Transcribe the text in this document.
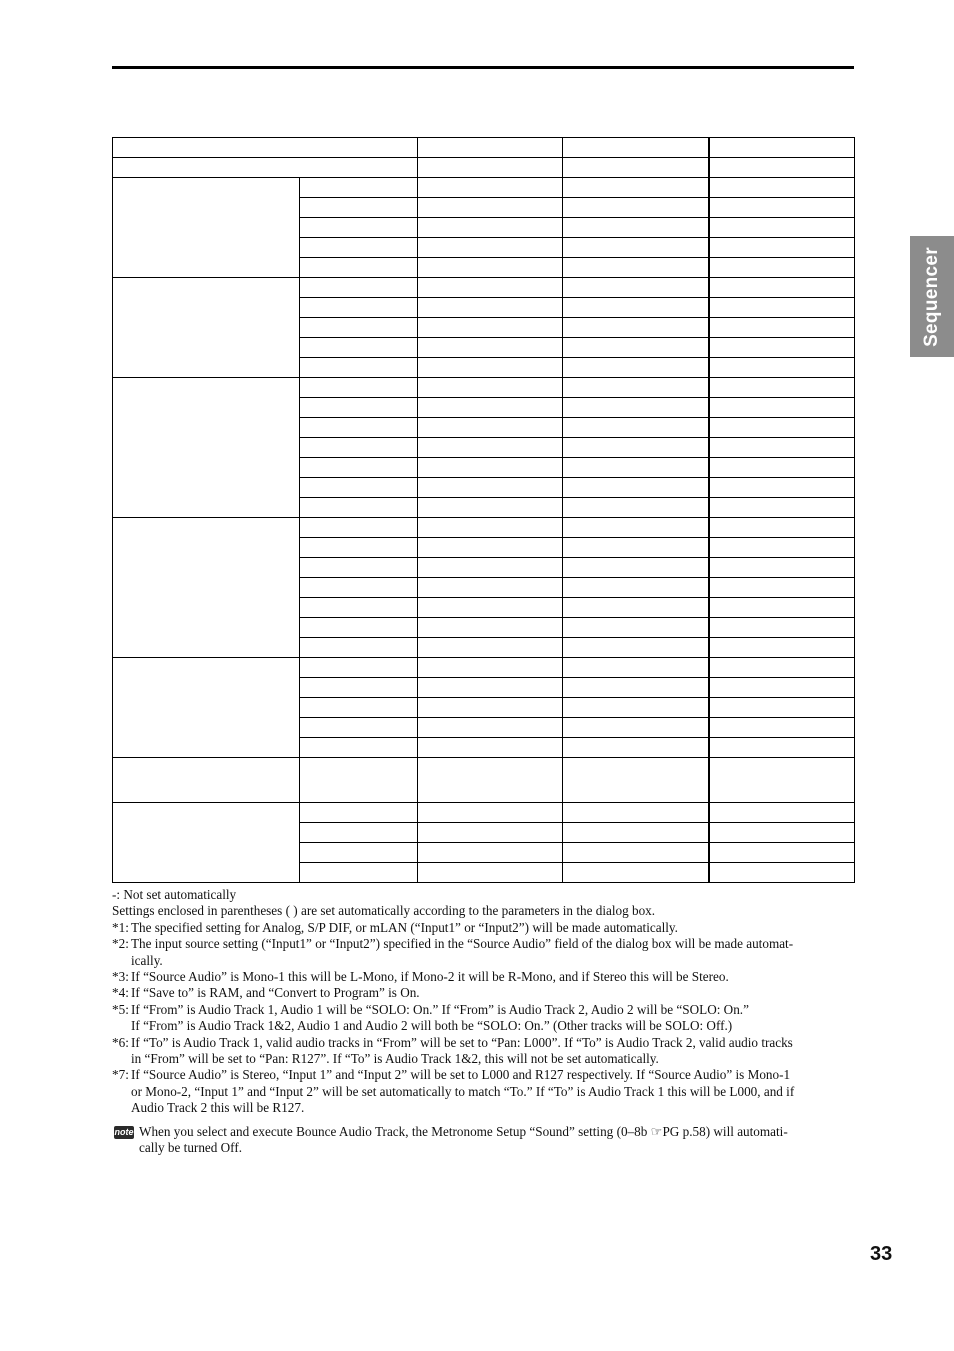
Sequencer

-: Not set automatically

Settings enclosed in parentheses ( ) are set automatically according to the parameters in the dialog box.

*1: The specified setting for Analog, S/P DIF, or mLAN (“Input1” or “Input2”) will be made automatically.
*2: The input source setting (“Input1” or “Input2”) specified in the “Source Audio” field of the dialog box will be made automat-
ically.
*3: If “Source Audio” is Mono-1 this will be L-Mono, if Mono-2 it will be R-Mono, and if Stereo this will be Stereo.
*4: If “Save to” is RAM, and “Convert to Program” is On.
*5: If “From” is Audio Track 1, Audio 1 will be “SOLO: On.” If “From” is Audio Track 2, Audio 2 will be “SOLO: On.”
If “From” is Audio Track 1&2, Audio 1 and Audio 2 will both be “SOLO: On.” (Other tracks will be SOLO: Off.)
*6: If “To” is Audio Track 1, valid audio tracks in “From” will be set to “Pan: L000”. If “To” is Audio Track 2, valid audio tracks
in “From” will be set to “Pan: R127”. If “To” is Audio Track 1&2, this will not be set automatically.
*7: If “Source Audio” is Stereo, “Input 1” and “Input 2” will be set to L000 and R127 respectively. If “Source Audio” is Mono-1
or Mono-2, “Input 1” and “Input 2” will be set automatically to match “To.” If “To” is Audio Track 1 this will be L000, and if
Audio Track 2 this will be R127.
note When you select and execute Bounce Audio Track, the Metronome Setup “Sound” setting (0–8b ☞PG p.58) will automati-
cally be turned Off.
33
